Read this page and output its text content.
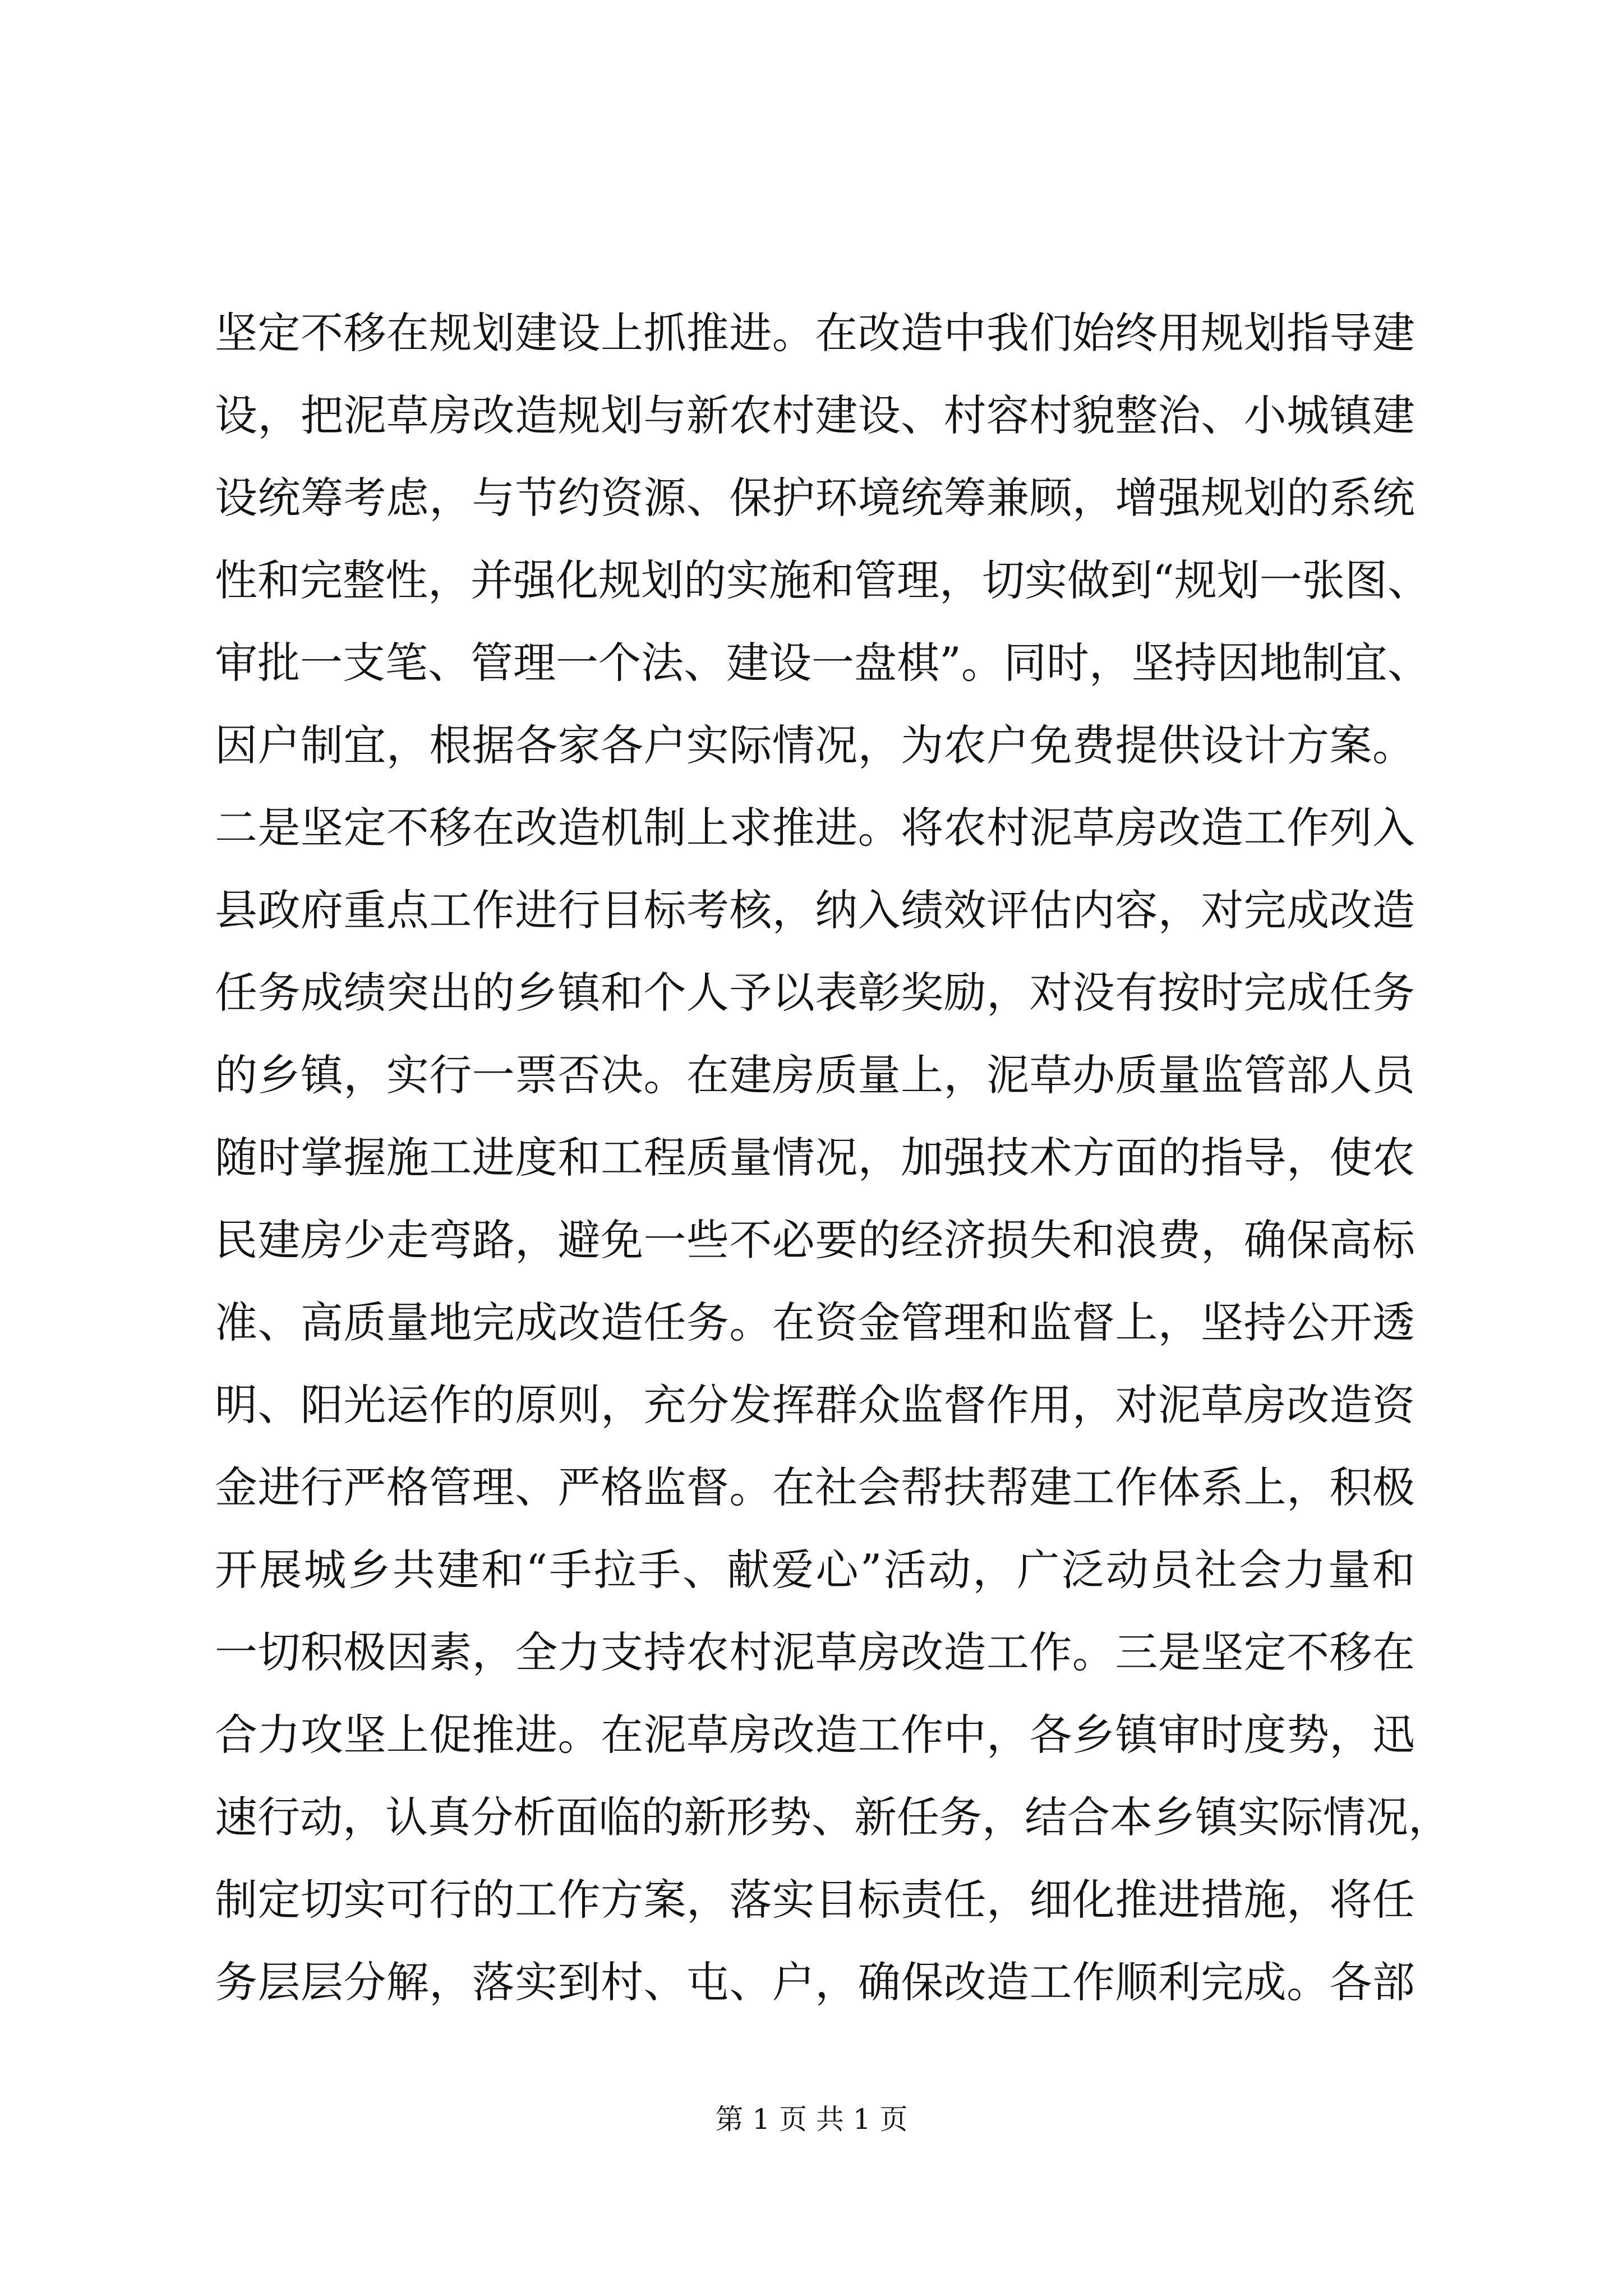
坚定不移在规划建设上抓推进。在改造中我们始终用规划指导建
设，把泥草房改造规划与新农村建设、村容村貌整治、小城镇建
设统筹考虑，与节约资源、保护环境统筹兼顾，增强规划的系统
性和完整性，并强化规划的实施和管理，切实做到“规划一张图、
审批一支笔、管理一个法、建设一盘棋”。同时，坚持因地制宜、
因户制宜，根据各家各户实际情况，为农户免费提供设计方案。
二是坚定不移在改造机制上求推进。将农村泥草房改造工作列入
县政府重点工作进行目标考核，纳入绩效评估内容，对完成改造
任务成绩突出的乡镇和个人予以表彰奖励，对没有按时完成任务
的乡镇，实行一票否决。在建房质量上，泥草办质量监管部人员
随时掌握施工进度和工程质量情况，加强技术方面的指导，使农
民建房少走弯路，避免一些不必要的经济损失和浪费，确保高标
准、高质量地完成改造任务。在资金管理和监督上，坚持公开透
明、阳光运作的原则，充分发挥群众监督作用，对泥草房改造资
金进行严格管理、严格监督。在社会帮扶帮建工作体系上，积极
开展城乡共建和“手拉手、献爱心”活动，广泛动员社会力量和
一切积极因素，全力支持农村泥草房改造工作。三是坚定不移在
合力攻坚上促推进。在泥草房改造工作中，各乡镇审时度势，迅
速行动，认真分析面临的新形势、新任务，结合本乡镇实际情况，
制定切实可行的工作方案，落实目标责任，细化推进措施，将任
务层层分解，落实到村、屯、户，确保改造工作顺利完成。各部
第 1 页 共 1 页
